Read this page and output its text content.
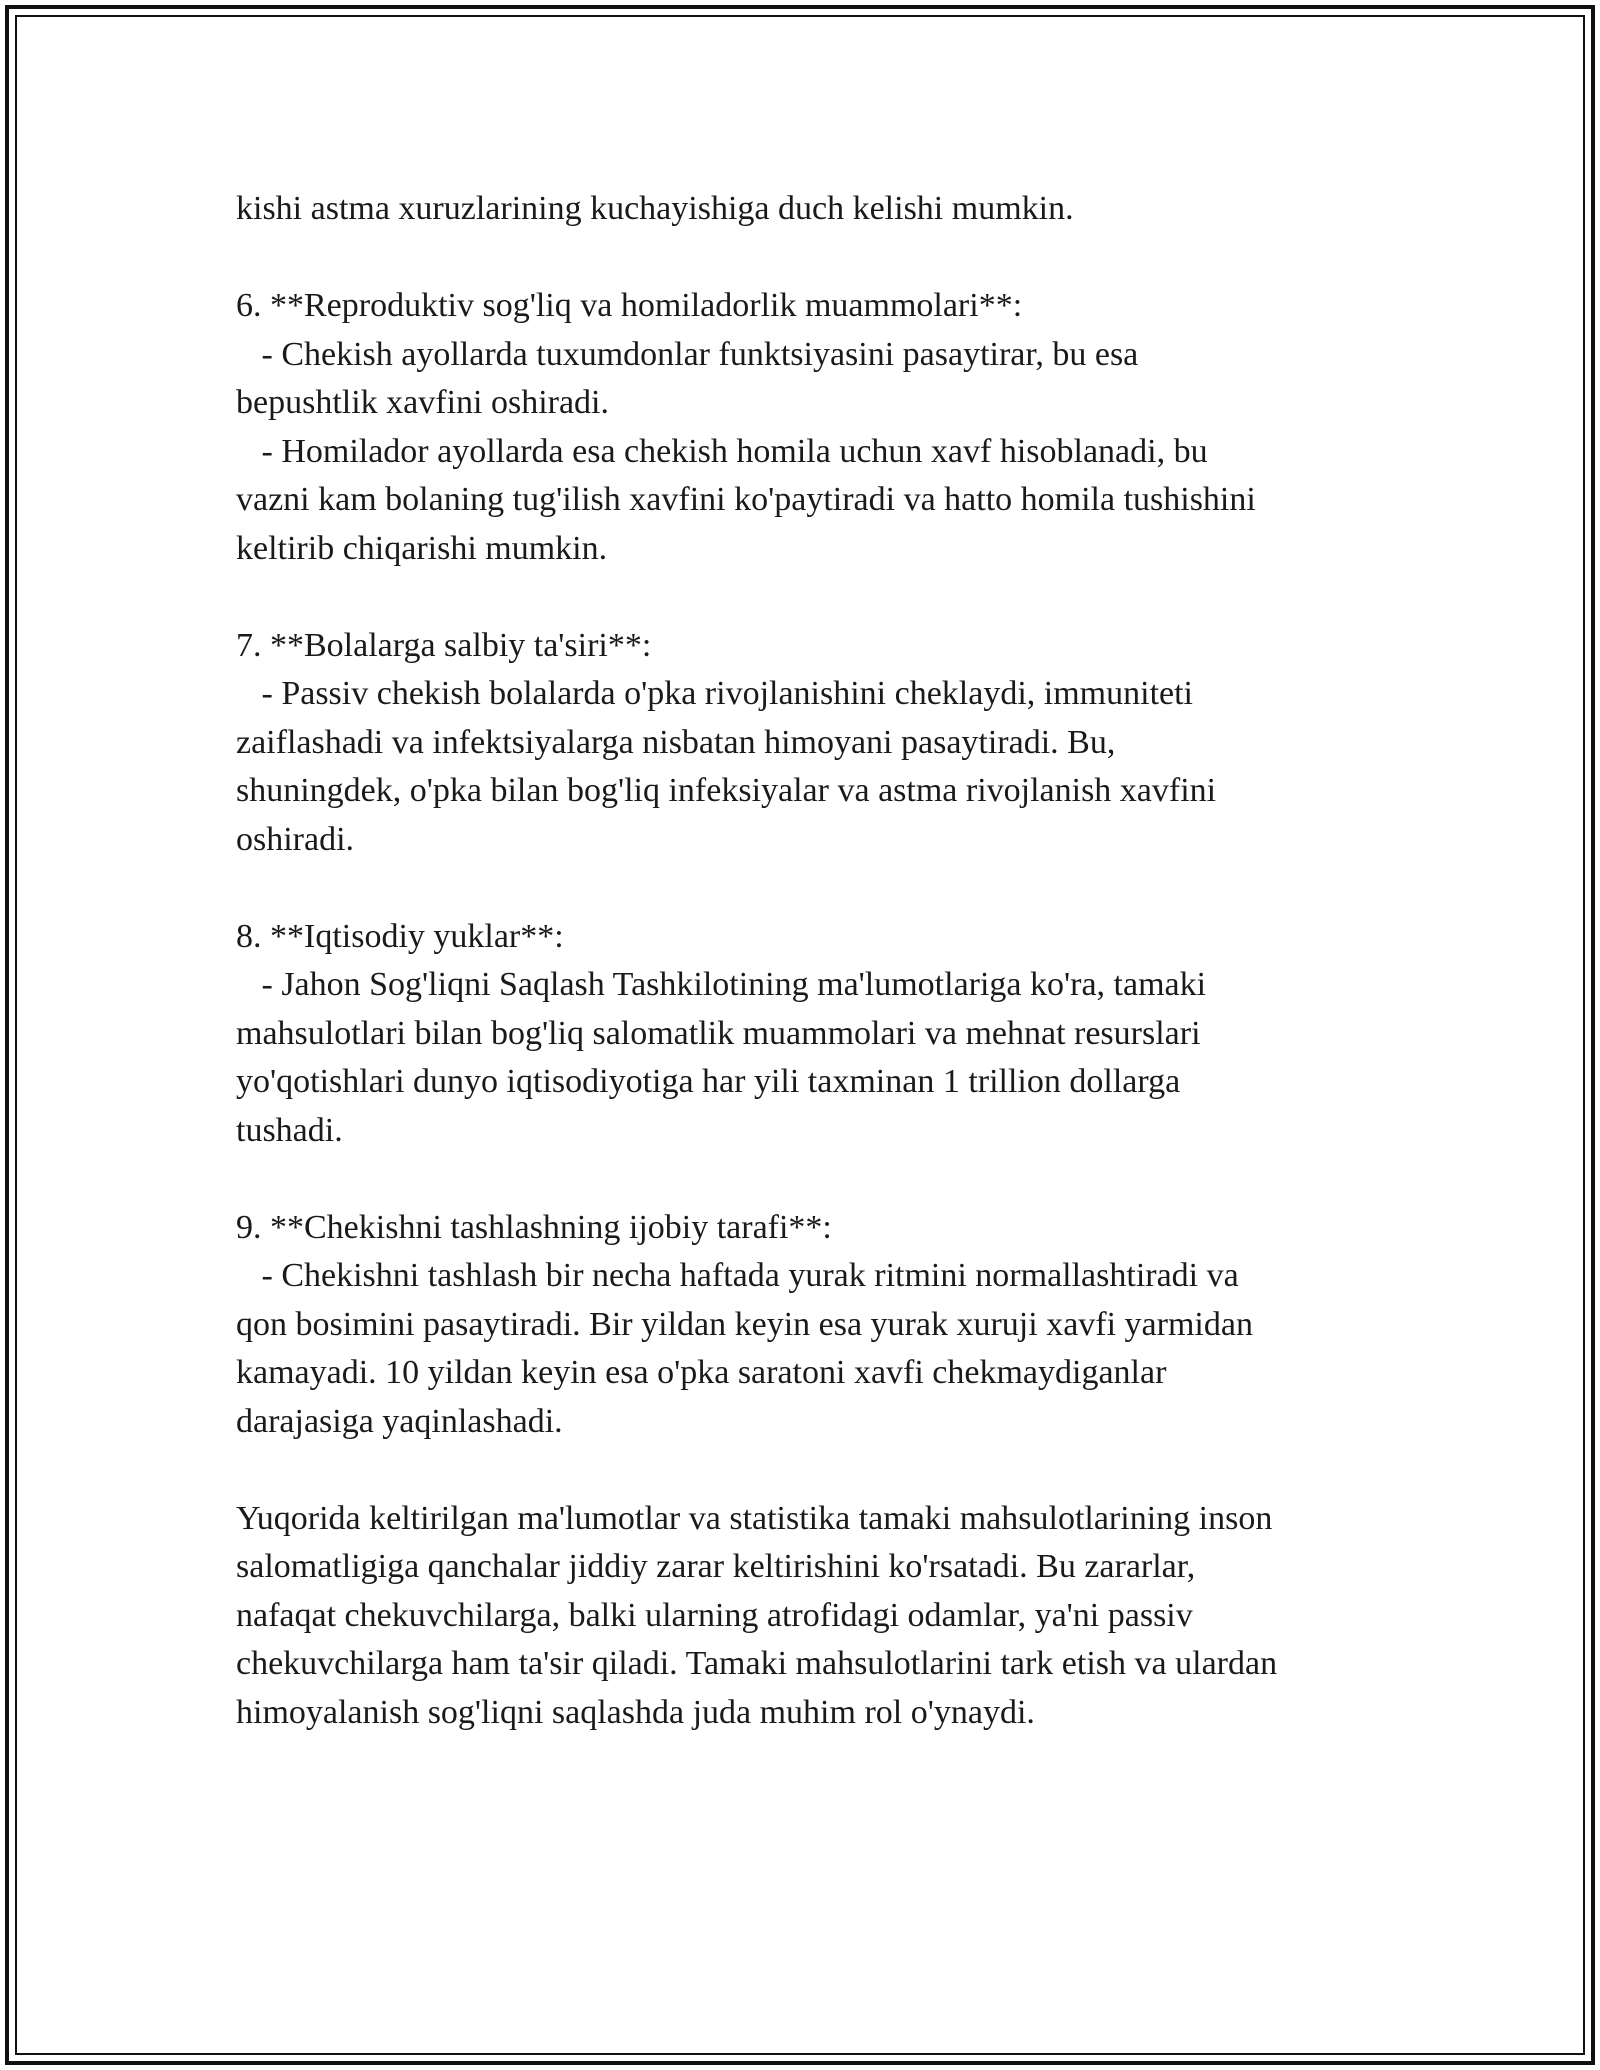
kishi astma xuruzlarining kuchayishiga duch kelishi mumkin.
6. **Reproduktiv sog'liq va homiladorlik muammolari**:
- Chekish ayollarda tuxumdonlar funktsiyasini pasaytirar, bu esa
bepushtlik xavfini oshiradi.
- Homilador ayollarda esa chekish homila uchun xavf hisoblanadi, bu
vazni kam bolaning tug'ilish xavfini ko'paytiradi va hatto homila tushishini
keltirib chiqarishi mumkin.
7. **Bolalarga salbiy ta'siri**:
- Passiv chekish bolalarda o'pka rivojlanishini cheklaydi, immuniteti
zaiflashadi va infektsiyalarga nisbatan himoyani pasaytiradi. Bu,
shuningdek, o'pka bilan bog'liq infeksiyalar va astma rivojlanish xavfini
oshiradi.
8. **Iqtisodiy yuklar**:
- Jahon Sog'liqni Saqlash Tashkilotining ma'lumotlariga ko'ra, tamaki
mahsulotlari bilan bog'liq salomatlik muammolari va mehnat resurslari
yo'qotishlari dunyo iqtisodiyotiga har yili taxminan 1 trillion dollarga
tushadi.
9. **Chekishni tashlashning ijobiy tarafi**:
- Chekishni tashlash bir necha haftada yurak ritmini normallashtiradi va
qon bosimini pasaytiradi. Bir yildan keyin esa yurak xuruji xavfi yarmidan
kamayadi. 10 yildan keyin esa o'pka saratoni xavfi chekmaydiganlar
darajasiga yaqinlashadi.
Yuqorida keltirilgan ma'lumotlar va statistika tamaki mahsulotlarining inson
salomatligiga qanchalar jiddiy zarar keltirishini ko'rsatadi. Bu zararlar,
nafaqat chekuvchilarga, balki ularning atrofidagi odamlar, ya'ni passiv
chekuvchilarga ham ta'sir qiladi. Tamaki mahsulotlarini tark etish va ulardan
himoyalanish sog'liqni saqlashda juda muhim rol o'ynaydi.
